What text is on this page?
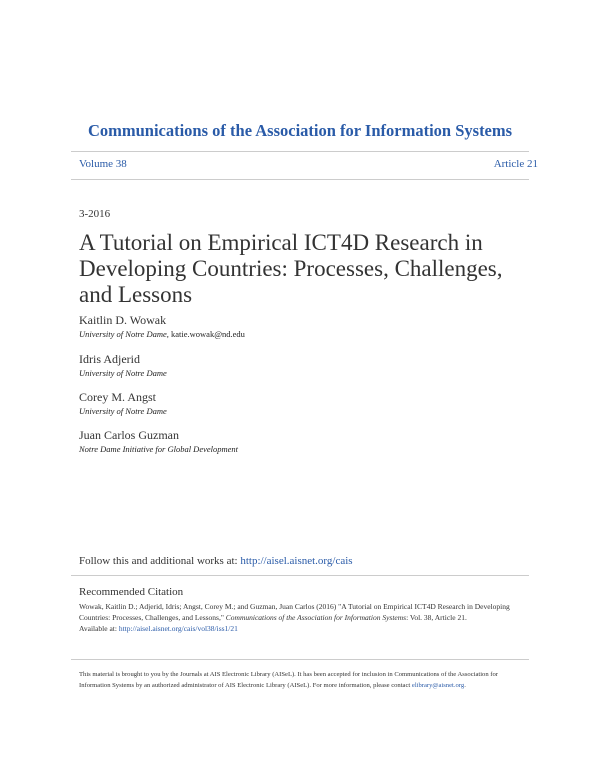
Communications of the Association for Information Systems
Volume 38	Article 21
3-2016
A Tutorial on Empirical ICT4D Research in Developing Countries: Processes, Challenges, and Lessons
Kaitlin D. Wowak
University of Notre Dame, katie.wowak@nd.edu
Idris Adjerid
University of Notre Dame
Corey M. Angst
University of Notre Dame
Juan Carlos Guzman
Notre Dame Initiative for Global Development
Follow this and additional works at: http://aisel.aisnet.org/cais
Recommended Citation
Wowak, Kaitlin D.; Adjerid, Idris; Angst, Corey M.; and Guzman, Juan Carlos (2016) "A Tutorial on Empirical ICT4D Research in Developing Countries: Processes, Challenges, and Lessons," Communications of the Association for Information Systems: Vol. 38, Article 21.
Available at: http://aisel.aisnet.org/cais/vol38/iss1/21
This material is brought to you by the Journals at AIS Electronic Library (AISeL). It has been accepted for inclusion in Communications of the Association for Information Systems by an authorized administrator of AIS Electronic Library (AISeL). For more information, please contact elibrary@aisnet.org.
